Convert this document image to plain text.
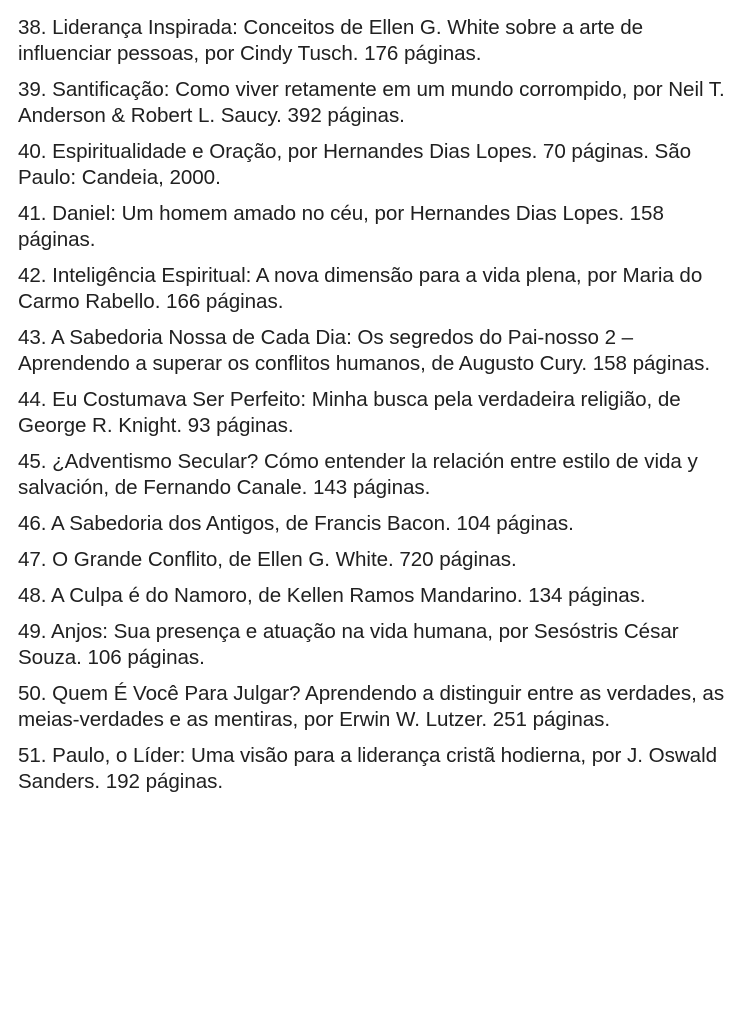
38. Liderança Inspirada: Conceitos de Ellen G. White sobre a arte de influenciar pessoas, por Cindy Tusch. 176 páginas.
39. Santificação: Como viver retamente em um mundo corrompido, por Neil T. Anderson & Robert L. Saucy. 392 páginas.
40. Espiritualidade e Oração, por Hernandes Dias Lopes. 70 páginas. São Paulo: Candeia, 2000.
41. Daniel: Um homem amado no céu, por Hernandes Dias Lopes. 158 páginas.
42. Inteligência Espiritual: A nova dimensão para a vida plena, por Maria do Carmo Rabello. 166 páginas.
43. A Sabedoria Nossa de Cada Dia: Os segredos do Pai-nosso 2 – Aprendendo a superar os conflitos humanos, de Augusto Cury. 158 páginas.
44. Eu Costumava Ser Perfeito: Minha busca pela verdadeira religião, de George R. Knight. 93 páginas.
45. ¿Adventismo Secular? Cómo entender la relación entre estilo de vida y salvación, de Fernando Canale. 143 páginas.
46. A Sabedoria dos Antigos, de Francis Bacon. 104 páginas.
47. O Grande Conflito, de Ellen G. White. 720 páginas.
48. A Culpa é do Namoro, de Kellen Ramos Mandarino. 134 páginas.
49. Anjos: Sua presença e atuação na vida humana, por Sesóstris César Souza. 106 páginas.
50. Quem É Você Para Julgar? Aprendendo a distinguir entre as verdades, as meias-verdades e as mentiras, por Erwin W. Lutzer. 251 páginas.
51. Paulo, o Líder: Uma visão para a liderança cristã hodierna, por J. Oswald Sanders. 192 páginas.
